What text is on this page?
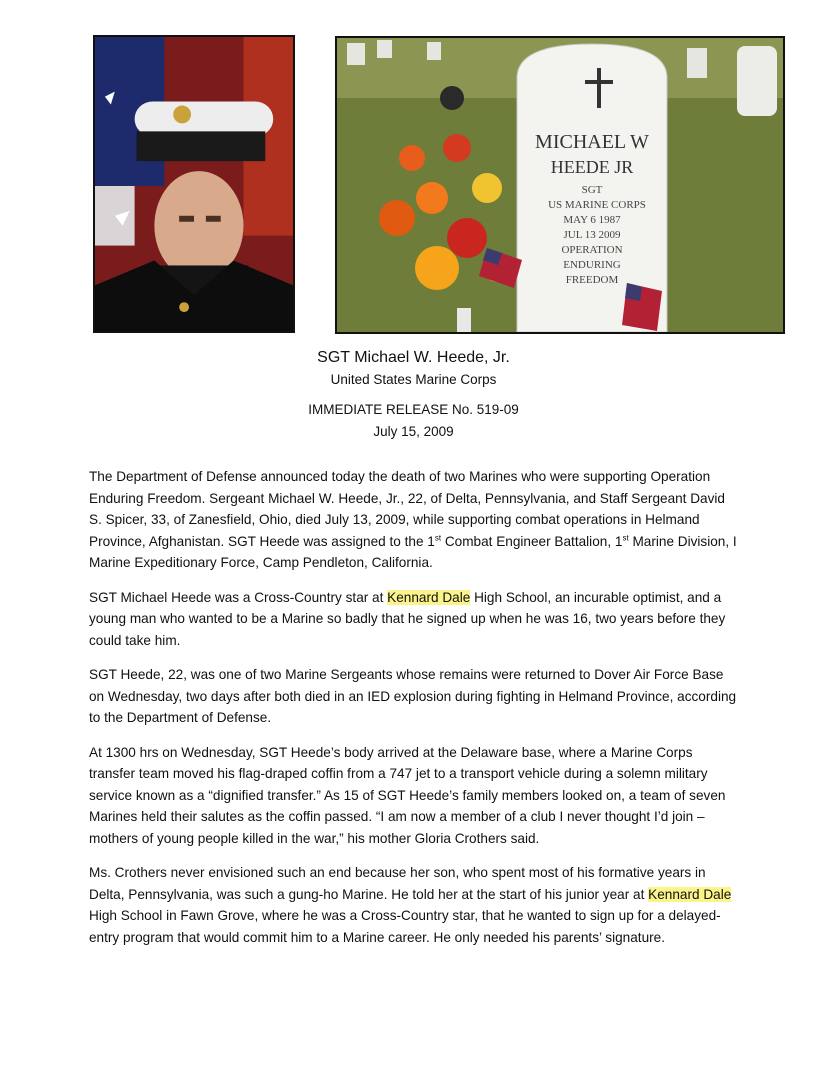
MICHAEL W
HEEDE JR
SGT
US MARINE CORPS
MAY 6 1987
JUL 13 2009
OPERATION
ENDURING
FREEDOM
SGT Michael W. Heede, Jr.
United States Marine Corps
IMMEDIATE RELEASE No. 519-09
July 15, 2009

The Department of Defense announced today the death of two Marines who were supporting Operation Enduring Freedom. Sergeant Michael W. Heede, Jr., 22, of Delta, Pennsylvania, and Staff Sergeant David S. Spicer, 33, of Zanesfield, Ohio, died July 13, 2009, while supporting combat operations in Helmand Province, Afghanistan. SGT Heede was assigned to the 1st Combat Engineer Battalion, 1st Marine Division, I Marine Expeditionary Force, Camp Pendleton, California.

SGT Michael Heede was a Cross-Country star at Kennard Dale High School, an incurable optimist, and a young man who wanted to be a Marine so badly that he signed up when he was 16, two years before they could take him.

SGT Heede, 22, was one of two Marine Sergeants whose remains were returned to Dover Air Force Base on Wednesday, two days after both died in an IED explosion during fighting in Helmand Province, according to the Department of Defense.

At 1300 hrs on Wednesday, SGT Heede’s body arrived at the Delaware base, where a Marine Corps transfer team moved his flag-draped coffin from a 747 jet to a transport vehicle during a solemn military service known as a “dignified transfer.” As 15 of SGT Heede’s family members looked on, a team of seven Marines held their salutes as the coffin passed. “I am now a member of a club I never thought I’d join – mothers of young people killed in the war,” his mother Gloria Crothers said.

Ms. Crothers never envisioned such an end because her son, who spent most of his formative years in Delta, Pennsylvania, was such a gung-ho Marine. He told her at the start of his junior year at Kennard Dale High School in Fawn Grove, where he was a Cross-Country star, that he wanted to sign up for a delayed-entry program that would commit him to a Marine career. He only needed his parents’ signature.
